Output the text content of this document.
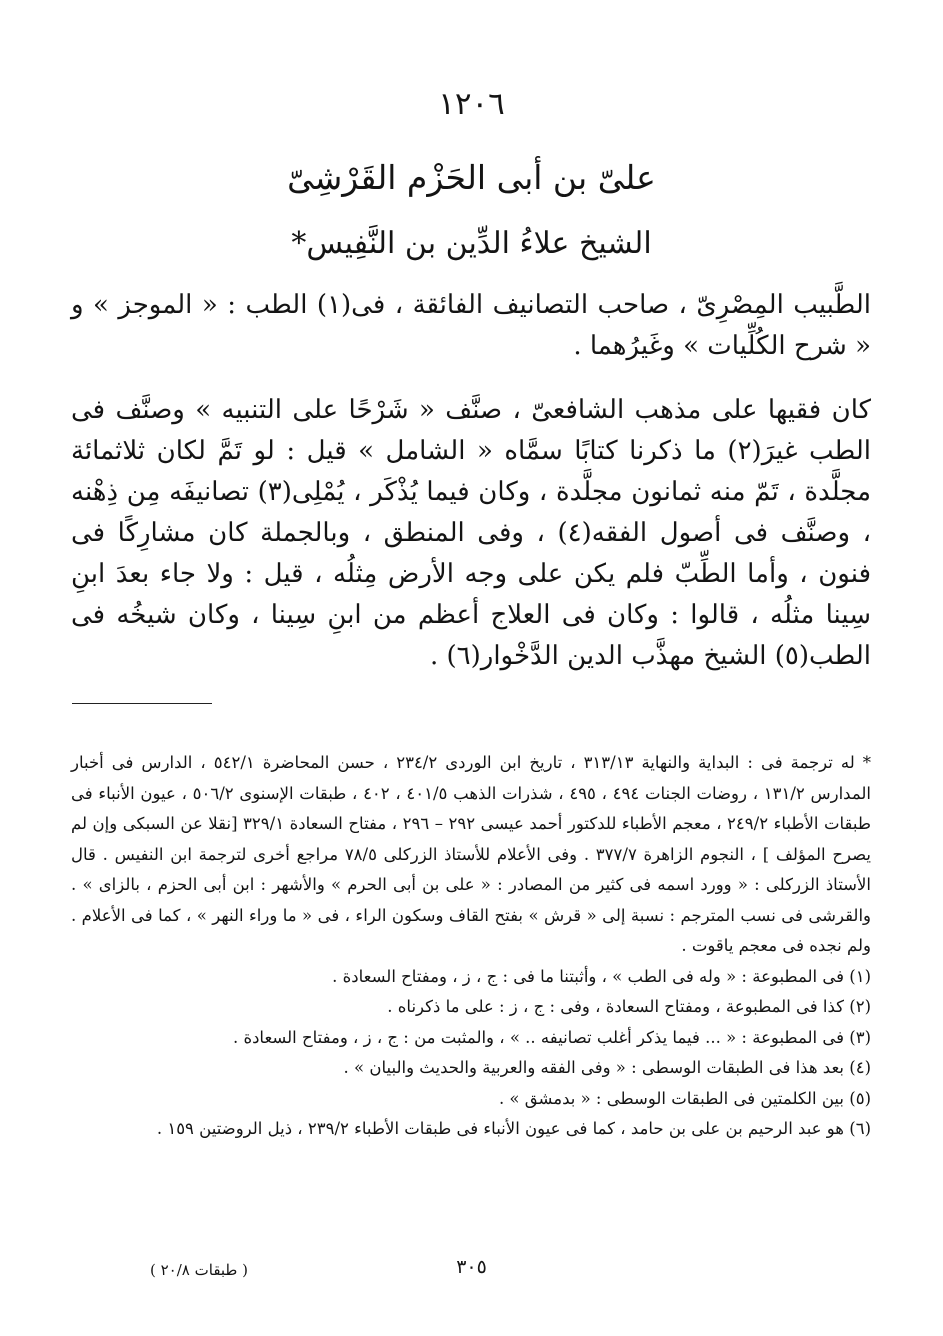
١٢٠٦
علىّ بن أبى الحَزْم القَرْشِىّ
الشيخ علاءُ الدِّين بن النَّفِيس*

الطَّبيب المِصْرِىّ ، صاحب التصانيف الفائقة ، فى(١) الطب : « الموجز » و « شرح الكُلِّيات » وغَيرُهما .

كان فقيها على مذهب الشافعىّ ، صنَّف « شَرْحًا على التنبيه » وصنَّف فى الطب غيرَ(٢) ما ذكرنا كتابًا سمَّاه « الشامل » قيل : لو تَمَّ لكان ثلاثمائة مجلَّدة ، تَمّ منه ثمانون مجلَّدة ، وكان فيما يُذْكَر ، يُمْلِى(٣) تصانيفَه مِن ذِهْنه ، وصنَّف فى أصول الفقه(٤) ، وفى المنطق ، وبالجملة كان مشارِكًا فى فنون ، وأما الطِّبّ فلم يكن على وجه الأرض مِثلُه ، قيل : ولا جاء بعدَ ابنِ سِينا مثلُه ، قالوا : وكان فى العلاج أعظم من ابنِ سِينا ، وكان شيخُه فى الطب(٥) الشيخ مهذَّب الدين الدَّخْوار(٦) .

* له ترجمة فى : البداية والنهاية ٣١٣/١٣ ، تاريخ ابن الوردى ٢٣٤/٢ ، حسن المحاضرة ٥٤٢/١ ، الدارس فى أخبار المدارس ١٣١/٢ ، روضات الجنات ٤٩٤ ، ٤٩٥ ، شذرات الذهب ٤٠١/٥ ، ٤٠٢ ، طبقات الإسنوى ٥٠٦/٢ ، عيون الأنباء فى طبقات الأطباء ٢٤٩/٢ ، معجم الأطباء للدكتور أحمد عيسى ٢٩٢ – ٢٩٦ ، مفتاح السعادة ٣٢٩/١ [نقلا عن السبكى وإن لم يصرح المؤلف ] ، النجوم الزاهرة ٣٧٧/٧ . وفى الأعلام للأستاذ الزركلى ٧٨/٥ مراجع أخرى لترجمة ابن النفيس . قال الأستاذ الزركلى : « وورد اسمه فى كثير من المصادر : « على بن أبى الحرم » والأشهر : ابن أبى الحزم ، بالزاى » . والقرشى فى نسب المترجم : نسبة إلى « قرش » بفتح القاف وسكون الراء ، فى « ما وراء النهر » ، كما فى الأعلام . ولم نجده فى معجم ياقوت .
(١) فى المطبوعة : « وله فى الطب » ، وأثبتنا ما فى : ج ، ز ، ومفتاح السعادة .
(٢) كذا فى المطبوعة ، ومفتاح السعادة ، وفى : ج ، ز : على ما ذكرناه .
(٣) فى المطبوعة : « ... فيما يذكر أغلب تصانيفه .. » ، والمثبت من : ج ، ز ، ومفتاح السعادة .
(٤) بعد هذا فى الطبقات الوسطى : « وفى الفقه والعربية والحديث والبيان » .
(٥) بين الكلمتين فى الطبقات الوسطى : « بدمشق » .
(٦) هو عبد الرحيم بن على بن حامد ، كما فى عيون الأنباء فى طبقات الأطباء ٢٣٩/٢ ، ذيل الروضتين ١٥٩ .
٣٠٥
( طبقات ٢٠/٨ )
